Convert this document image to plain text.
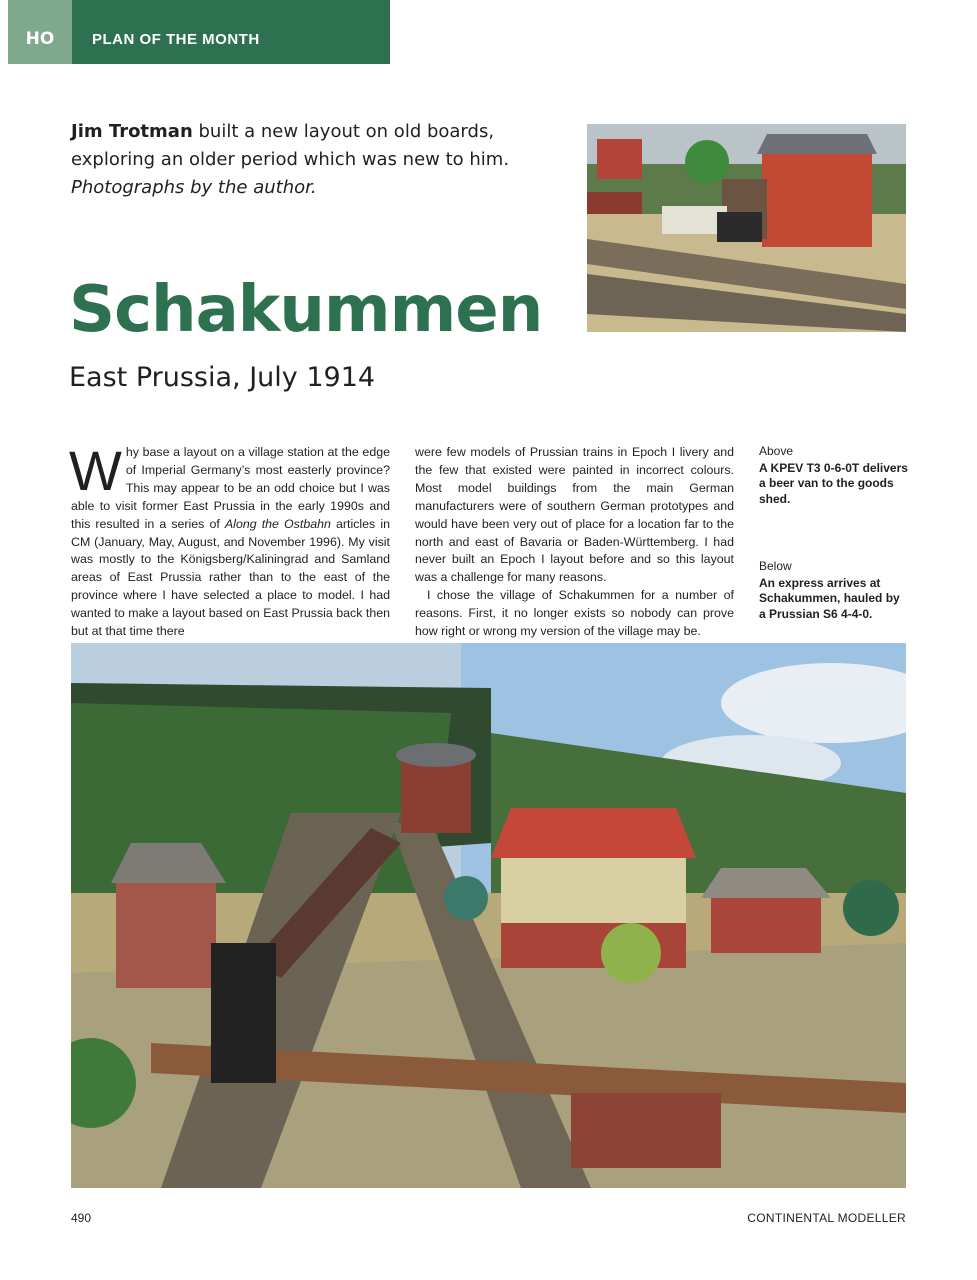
HO	PLAN OF THE MONTH
Jim Trotman built a new layout on old boards, exploring an older period which was new to him.
Photographs by the author.
Schakummen
East Prussia, July 1914

Why base a layout on a village station at the edge of Imperial Germany’s most easterly province? This may appear to be an odd choice but I was able to visit former East Prussia in the early 1990s and this resulted in a series of Along the Ostbahn articles in CM (January, May, August, and November 1996). My visit was mostly to the Königsberg/Kaliningrad and Samland areas of East Prussia rather than to the east of the province where I have selected a place to model. I had wanted to make a layout based on East Prussia back then but at that time there

were few models of Prussian trains in Epoch I livery and the few that existed were painted in incorrect colours. Most model buildings from the main German manufacturers were of southern German prototypes and would have been very out of place for a location far to the north and east of Bavaria or Baden-Württemberg. I had never built an Epoch I layout before and so this layout was a challenge for many reasons.

I chose the village of Schakummen for a number of reasons. First, it no longer exists so nobody can prove how right or wrong my version of the village may be.

Above
A KPEV T3 0-6-0T delivers a beer van to the goods shed.
Below
An express arrives at Schakummen, hauled by a Prussian S6 4-4-0.
490	CONTINENTAL MODELLER
